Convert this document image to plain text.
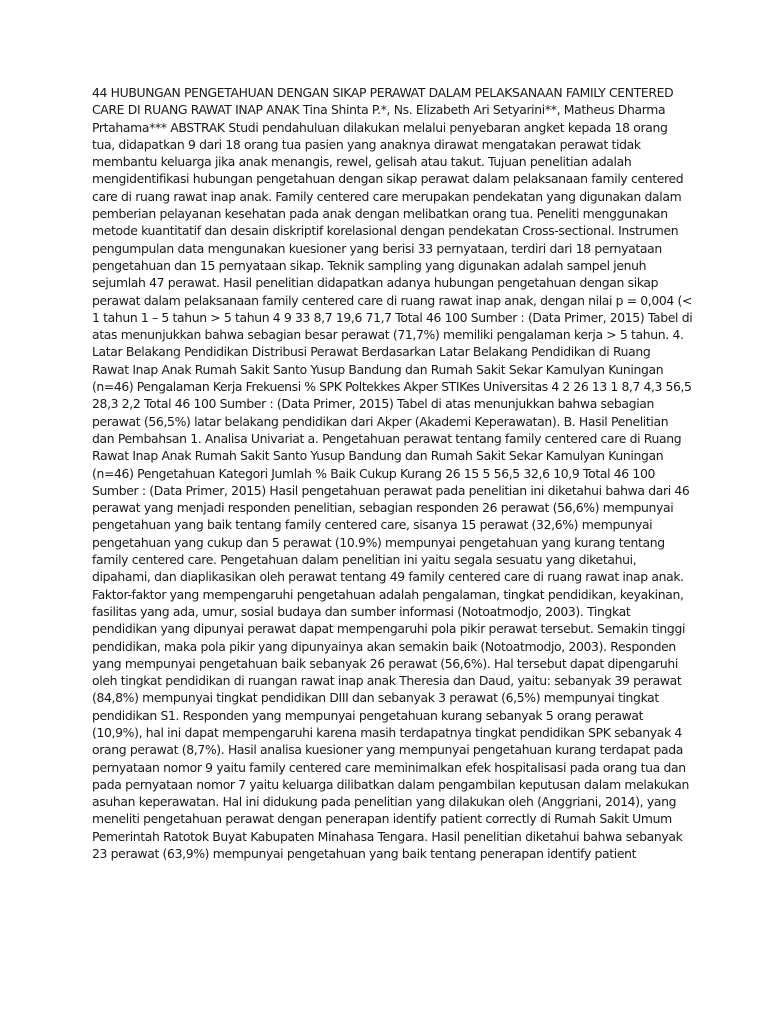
44 HUBUNGAN PENGETAHUAN DENGAN SIKAP PERAWAT DALAM PELAKSANAAN FAMILY CENTERED
CARE DI RUANG RAWAT INAP ANAK Tina Shinta P.*, Ns. Elizabeth Ari Setyarini**, Matheus Dharma
Prtahama*** ABSTRAK Studi pendahuluan dilakukan melalui penyebaran angket kepada 18 orang
tua, didapatkan 9 dari 18 orang tua pasien yang anaknya dirawat mengatakan perawat tidak
membantu keluarga jika anak menangis, rewel, gelisah atau takut. Tujuan penelitian adalah
mengidentifikasi hubungan pengetahuan dengan sikap perawat dalam pelaksanaan family centered
care di ruang rawat inap anak. Family centered care merupakan pendekatan yang digunakan dalam
pemberian pelayanan kesehatan pada anak dengan melibatkan orang tua. Peneliti menggunakan
metode kuantitatif dan desain diskriptif korelasional dengan pendekatan Cross-sectional. Instrumen
pengumpulan data mengunakan kuesioner yang berisi 33 pernyataan, terdiri dari 18 pernyataan
pengetahuan dan 15 pernyataan sikap. Teknik sampling yang digunakan adalah sampel jenuh
sejumlah 47 perawat. Hasil penelitian didapatkan adanya hubungan pengetahuan dengan sikap
perawat dalam pelaksanaan family centered care di ruang rawat inap anak, dengan nilai p = 0,004 (<
1 tahun 1 – 5 tahun > 5 tahun 4 9 33 8,7 19,6 71,7 Total 46 100 Sumber : (Data Primer, 2015) Tabel di
atas menunjukkan bahwa sebagian besar perawat (71,7%) memiliki pengalaman kerja > 5 tahun. 4.
Latar Belakang Pendidikan Distribusi Perawat Berdasarkan Latar Belakang Pendidikan di Ruang
Rawat Inap Anak Rumah Sakit Santo Yusup Bandung dan Rumah Sakit Sekar Kamulyan Kuningan
(n=46) Pengalaman Kerja Frekuensi % SPK Poltekkes Akper STIKes Universitas 4 2 26 13 1 8,7 4,3 56,5
28,3 2,2 Total 46 100 Sumber : (Data Primer, 2015) Tabel di atas menunjukkan bahwa sebagian
perawat (56,5%) latar belakang pendidikan dari Akper (Akademi Keperawatan). B. Hasil Penelitian
dan Pembahsan 1. Analisa Univariat a. Pengetahuan perawat tentang family centered care di Ruang
Rawat Inap Anak Rumah Sakit Santo Yusup Bandung dan Rumah Sakit Sekar Kamulyan Kuningan
(n=46) Pengetahuan Kategori Jumlah % Baik Cukup Kurang 26 15 5 56,5 32,6 10,9 Total 46 100
Sumber : (Data Primer, 2015) Hasil pengetahuan perawat pada penelitian ini diketahui bahwa dari 46
perawat yang menjadi responden penelitian, sebagian responden 26 perawat (56,6%) mempunyai
pengetahuan yang baik tentang family centered care, sisanya 15 perawat (32,6%) mempunyai
pengetahuan yang cukup dan 5 perawat (10.9%) mempunyai pengetahuan yang kurang tentang
family centered care. Pengetahuan dalam penelitian ini yaitu segala sesuatu yang diketahui,
dipahami, dan diaplikasikan oleh perawat tentang 49 family centered care di ruang rawat inap anak.
Faktor-faktor yang mempengaruhi pengetahuan adalah pengalaman, tingkat pendidikan, keyakinan,
fasilitas yang ada, umur, sosial budaya dan sumber informasi (Notoatmodjo, 2003). Tingkat
pendidikan yang dipunyai perawat dapat mempengaruhi pola pikir perawat tersebut. Semakin tinggi
pendidikan, maka pola pikir yang dipunyainya akan semakin baik (Notoatmodjo, 2003). Responden
yang mempunyai pengetahuan baik sebanyak 26 perawat (56,6%). Hal tersebut dapat dipengaruhi
oleh tingkat pendidikan di ruangan rawat inap anak Theresia dan Daud, yaitu: sebanyak 39 perawat
(84,8%) mempunyai tingkat pendidikan DIII dan sebanyak 3 perawat (6,5%) mempunyai tingkat
pendidikan S1. Responden yang mempunyai pengetahuan kurang sebanyak 5 orang perawat
(10,9%), hal ini dapat mempengaruhi karena masih terdapatnya tingkat pendidikan SPK sebanyak 4
orang perawat (8,7%). Hasil analisa kuesioner yang mempunyai pengetahuan kurang terdapat pada
pernyataan nomor 9 yaitu family centered care meminimalkan efek hospitalisasi pada orang tua dan
pada pernyataan nomor 7 yaitu keluarga dilibatkan dalam pengambilan keputusan dalam melakukan
asuhan keperawatan. Hal ini didukung pada penelitian yang dilakukan oleh (Anggriani, 2014), yang
meneliti pengetahuan perawat dengan penerapan identify patient correctly di Rumah Sakit Umum
Pemerintah Ratotok Buyat Kabupaten Minahasa Tengara. Hasil penelitian diketahui bahwa sebanyak
23 perawat (63,9%) mempunyai pengetahuan yang baik tentang penerapan identify patient
